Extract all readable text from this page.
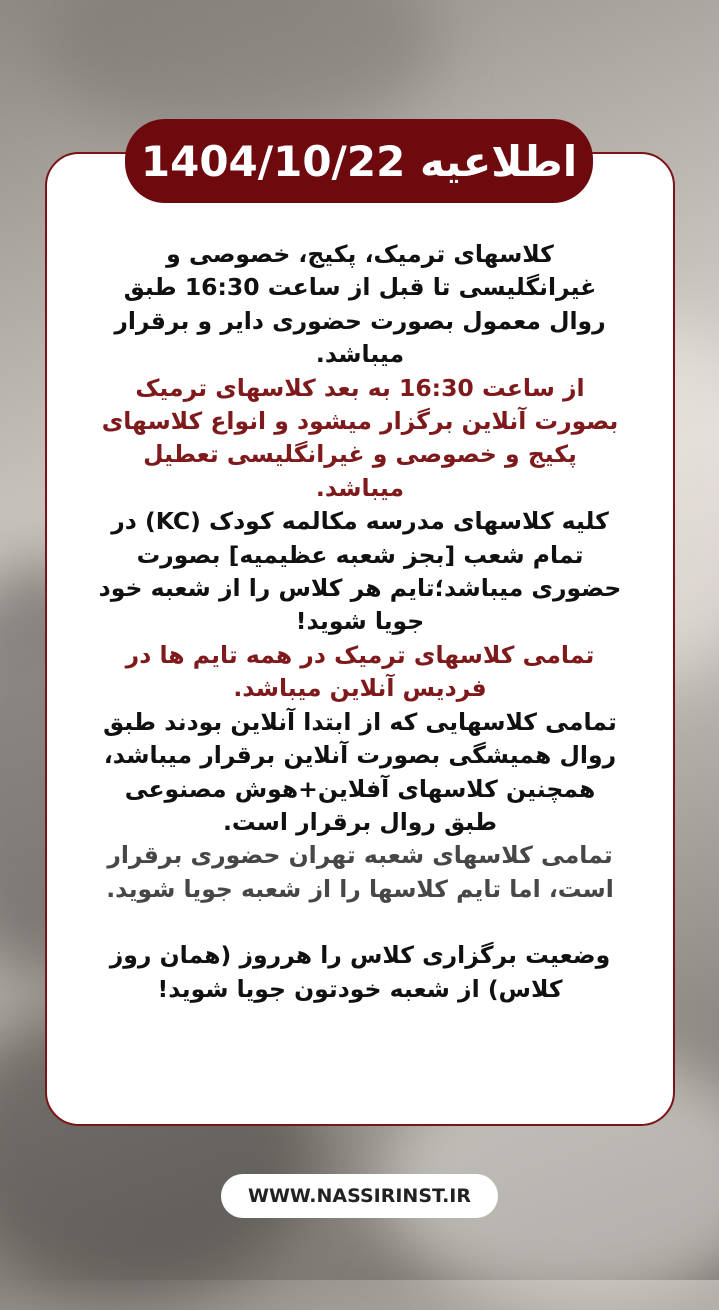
اطلاعیه 1404/10/22

کلاسهای ترمیک، پکیج، خصوصی و غیرانگلیسی تا قبل از ساعت 16:30 طبق روال معمول بصورت حضوری دایر و برقرار میباشد.

از ساعت 16:30 به بعد کلاسهای ترمیک بصورت آنلاین برگزار میشود و انواع کلاسهای پکیج و خصوصی و غیرانگلیسی تعطیل میباشد.

کلیه کلاسهای مدرسه مکالمه کودک (KC) در تمام شعب [بجز شعبه عظیمیه] بصورت حضوری میباشد؛تایم هر کلاس را از شعبه خود جویا شوید!

تمامی کلاسهای ترمیک در همه تایم ها در فردیس آنلاین میباشد.

تمامی کلاسهایی که از ابتدا آنلاین بودند طبق روال همیشگی بصورت آنلاین برقرار میباشد، همچنین کلاسهای آفلاین+هوش مصنوعی طبق روال برقرار است.

تمامی کلاسهای شعبه تهران حضوری برقرار است، اما تایم کلاسها را از شعبه جویا شوید.

وضعیت برگزاری کلاس را هرروز (همان روز کلاس) از شعبه خودتون جویا شوید!

WWW.NASSIRINST.IR
